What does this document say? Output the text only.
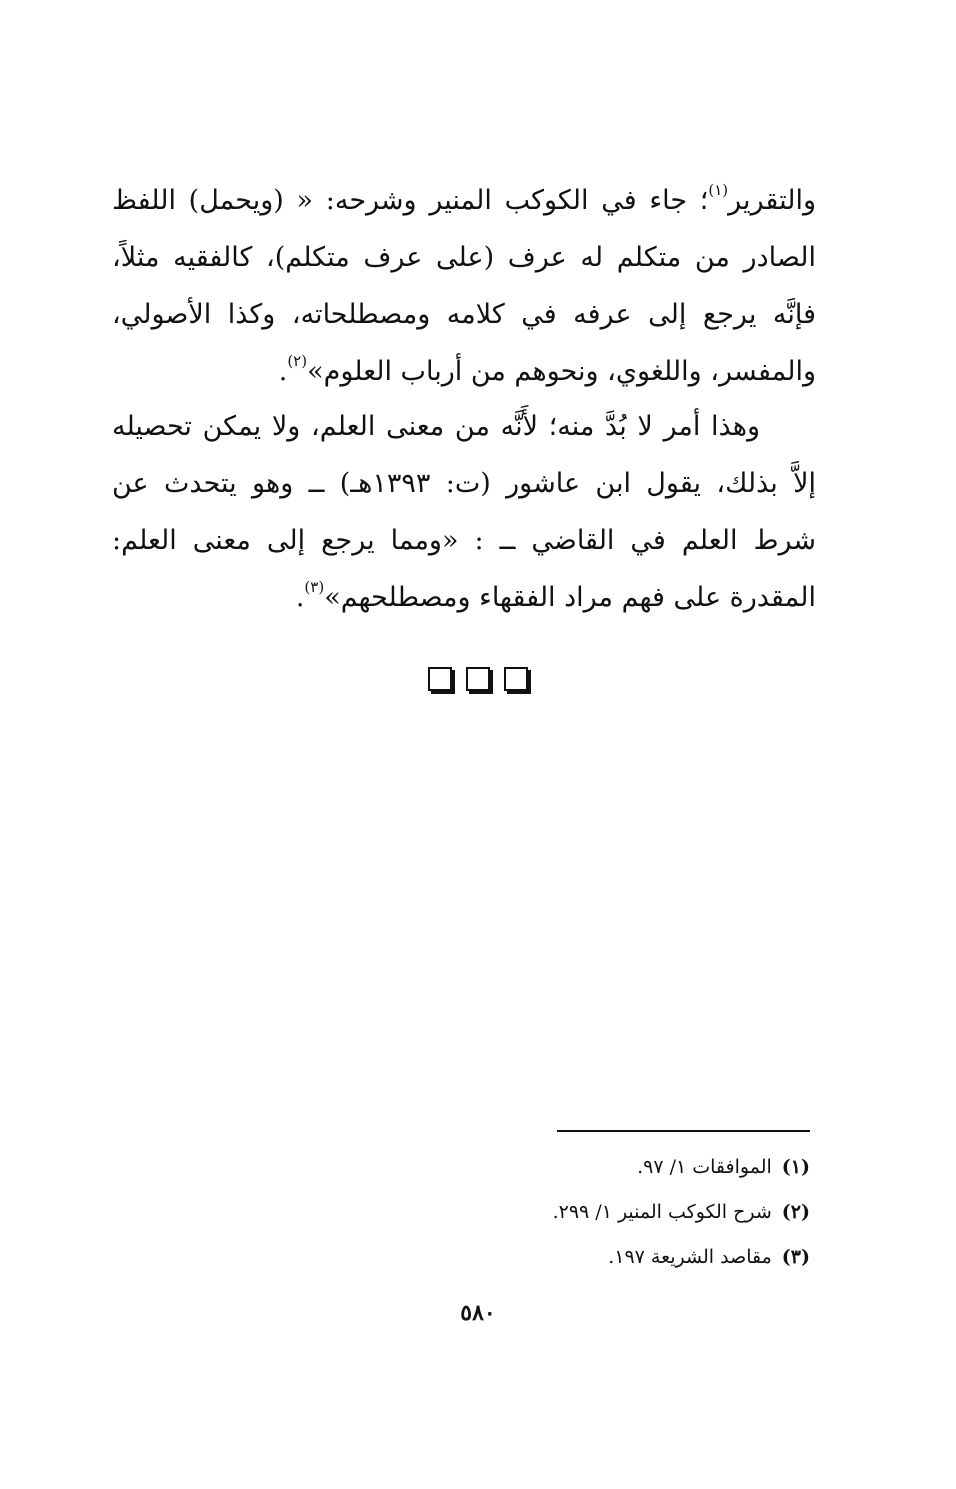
والتقرير$^{(١)}$؛ جاء في الكوكب المنير وشرحه: « (ويحمل) اللفظ الصادر من متكلم له عرف (على عرف متكلم)، كالفقيه مثلاً، فإنَّه يرجع إلى عرفه في كلامه ومصطلحاته، وكذا الأصولي، والمفسر، واللغوي، ونحوهم من أرباب العلوم»$^{(٢)}$.

وهذا أمر لا بُدَّ منه؛ لأَنَّه من معنى العلم، ولا يمكن تحصيله إلاَّ بذلك، يقول ابن عاشور (ت: ١٣٩٣هـ) ــ وهو يتحدث عن شرط العلم في القاضي ــ : «ومما يرجع إلى معنى العلم: المقدرة على فهم مراد الفقهاء ومصطلحهم»$^{(٣)}$.

(١)الموافقات ١/ ٩٧.
(٢)شرح الكوكب المنير ١/ ٢٩٩.
(٣)مقاصد الشريعة ١٩٧.
٥٨٠
